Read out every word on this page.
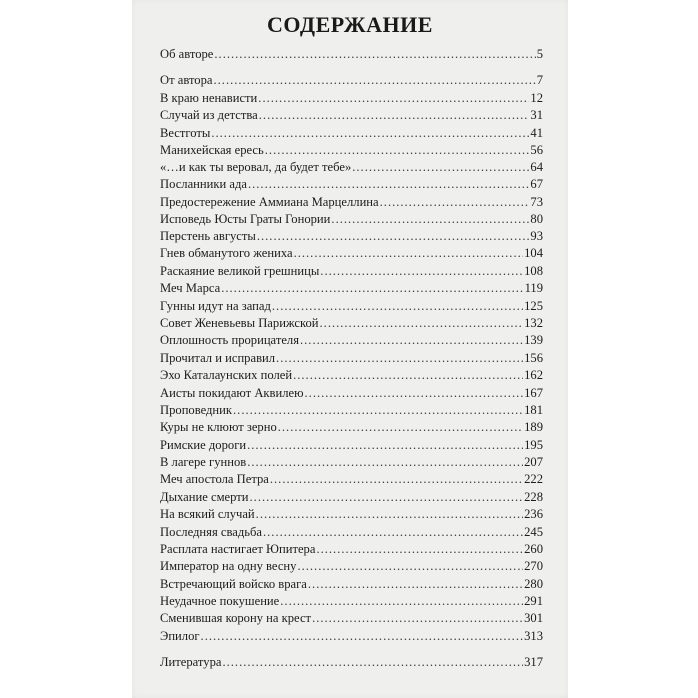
СОДЕРЖАНИЕ
Об авторе .....	5
От автора .....	7
В краю ненависти .....	12
Случай из детства .....	31
Вестготы .....	41
Манихейская ересь .....	56
«…и как ты веровал, да будет тебе» .....	64
Посланники ада .....	67
Предостережение Аммиана Марцеллина .....	73
Исповедь Юсты Граты Гонории .....	80
Перстень августы .....	93
Гнев обманутого жениха .....	104
Раскаяние великой грешницы .....	108
Меч Марса .....	119
Гунны идут на запад .....	125
Совет Женевьевы Парижской .....	132
Оплошность прорицателя .....	139
Прочитал и исправил .....	156
Эхо Каталаунских полей .....	162
Аисты покидают Аквилею .....	167
Проповедник .....	181
Куры не клюют зерно .....	189
Римские дороги .....	195
В лагере гуннов .....	207
Меч апостола Петра .....	222
Дыхание смерти .....	228
На всякий случай .....	236
Последняя свадьба .....	245
Расплата настигает Юпитера .....	260
Император на одну весну .....	270
Встречающий войско врага .....	280
Неудачное покушение .....	291
Сменившая корону на крест .....	301
Эпилог .....	313
Литература .....	317
